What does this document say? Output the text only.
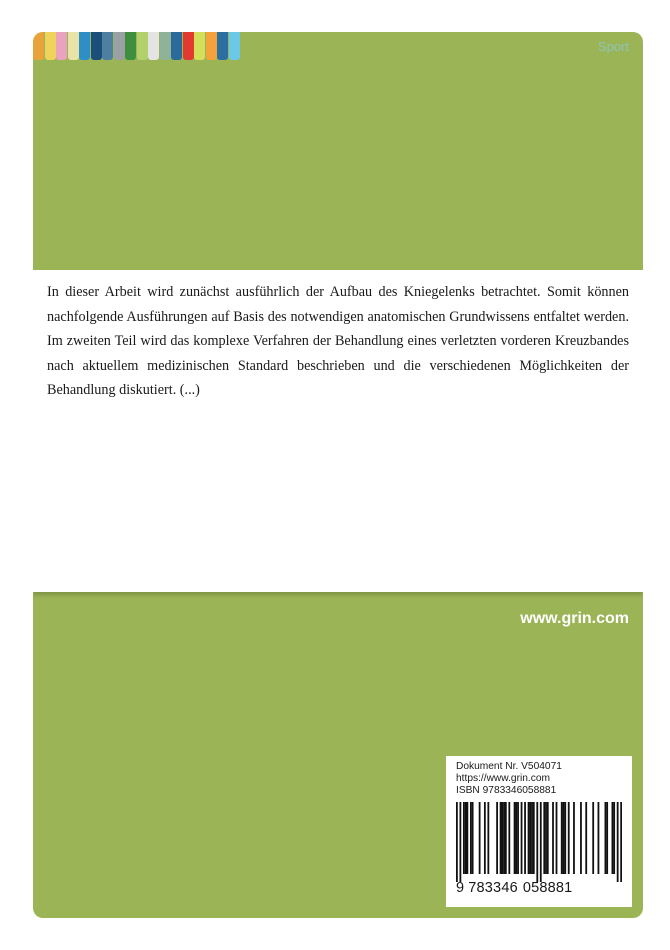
Sport

In dieser Arbeit wird zunächst ausführlich der Aufbau des Kniegelenks betrachtet. Somit können nachfolgende Ausführungen auf Basis des notwendigen anatomischen Grundwissens entfaltet werden. Im zweiten Teil wird das komplexe Verfahren der Behandlung eines verletzten vorderen Kreuzbandes nach aktuellem medizinischen Standard beschrieben und die verschiedenen Möglichkeiten der Behandlung diskutiert. (...)

www.grin.com
Dokument Nr. V504071
https://www.grin.com
ISBN 9783346058881
9 783346 058881
